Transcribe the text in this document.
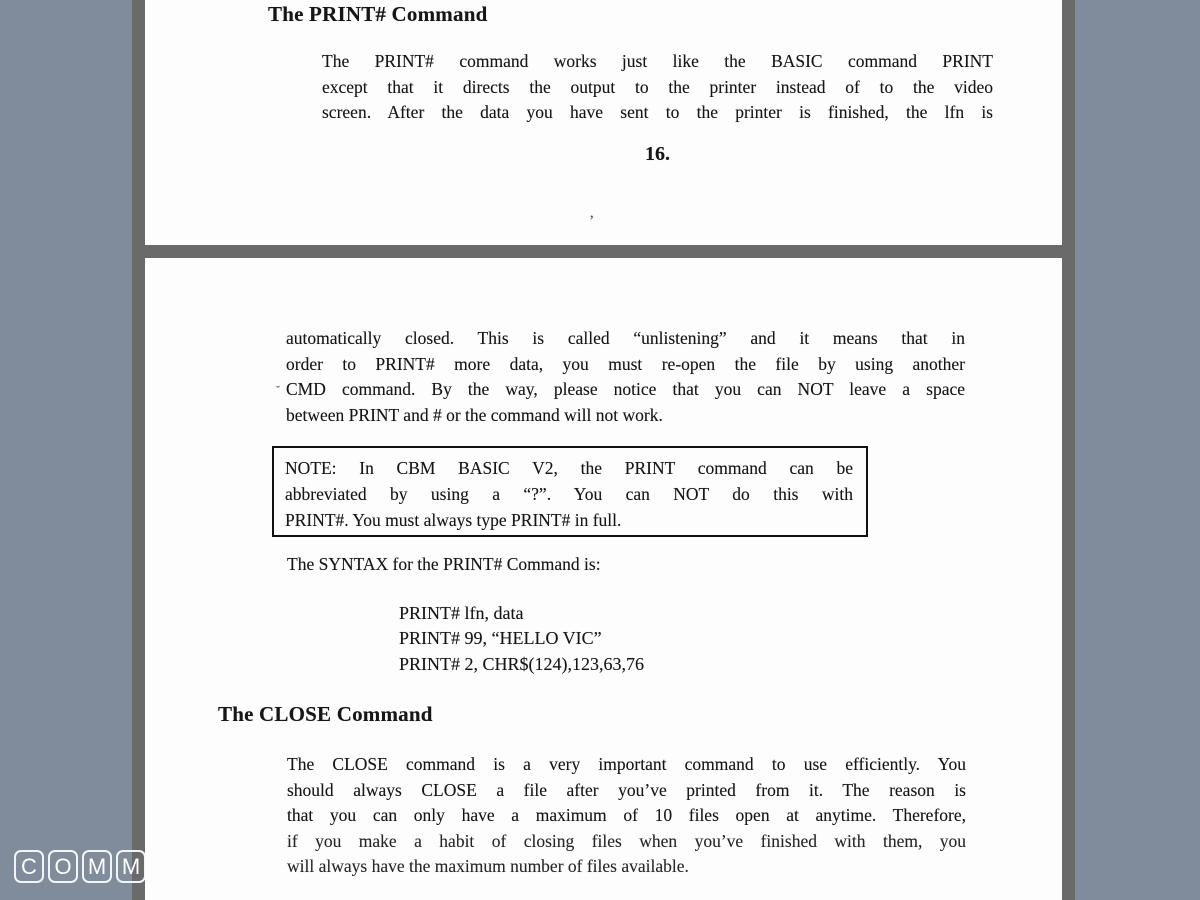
The PRINT# Command
The PRINT# command works just like the BASIC command PRINT
except that it directs the output to the printer instead of to the video
screen. After the data you have sent to the printer is finished, the lfn is
16.
’
automatically closed. This is called “unlistening” and it means that in
order to PRINT# more data, you must re-open the file by using another
CMD command. By the way, please notice that you can NOT leave a space
between PRINT and # or the command will not work.
ˇ
NOTE: In CBM BASIC V2, the PRINT command can be
abbreviated by using a “?”. You can NOT do this with
PRINT#. You must always type PRINT# in full.
The SYNTAX for the PRINT# Command is:
PRINT# lfn, data
PRINT# 99, “HELLO VIC”
PRINT# 2, CHR$(124),123,63,76
The CLOSE Command
The CLOSE command is a very important command to use efficiently. You
should always CLOSE a file after you’ve printed from it. The reason is
that you can only have a maximum of 10 files open at anytime. Therefore,
if you make a habit of closing files when you’ve finished with them, you
will always have the maximum number of files available.
C O M M
